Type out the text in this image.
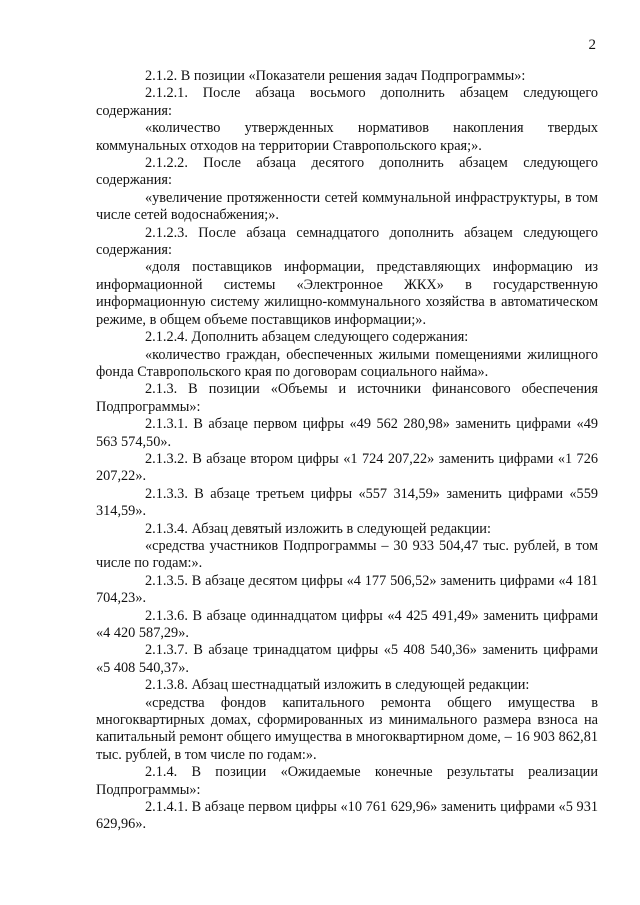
2

2.1.2. В позиции «Показатели решения задач Подпрограммы»:

2.1.2.1. После абзаца восьмого дополнить абзацем следующего содержания:

«количество утвержденных нормативов накопления твердых коммунальных отходов на территории Ставропольского края;».

2.1.2.2. После абзаца десятого дополнить абзацем следующего содержания:

«увеличение протяженности сетей коммунальной инфраструктуры, в том числе сетей водоснабжения;».

2.1.2.3. После абзаца семнадцатого дополнить абзацем следующего содержания:

«доля поставщиков информации, представляющих информацию из информационной системы «Электронное ЖКХ» в государственную информационную систему жилищно-коммунального хозяйства в автоматическом режиме, в общем объеме поставщиков информации;».

2.1.2.4. Дополнить абзацем следующего содержания:

«количество граждан, обеспеченных жилыми помещениями жилищного фонда Ставропольского края по договорам социального найма».

2.1.3. В позиции «Объемы и источники финансового обеспечения Подпрограммы»:

2.1.3.1. В абзаце первом цифры «49 562 280,98» заменить цифрами «49 563 574,50».

2.1.3.2. В абзаце втором цифры «1 724 207,22» заменить цифрами «1 726 207,22».

2.1.3.3. В абзаце третьем цифры «557 314,59» заменить цифрами «559 314,59».

2.1.3.4. Абзац девятый изложить в следующей редакции:

«средства участников Подпрограммы – 30 933 504,47 тыс. рублей, в том числе по годам:».

2.1.3.5. В абзаце десятом цифры «4 177 506,52» заменить цифрами «4 181 704,23».

2.1.3.6. В абзаце одиннадцатом цифры «4 425 491,49» заменить цифрами «4 420 587,29».

2.1.3.7. В абзаце тринадцатом цифры «5 408 540,36» заменить цифрами «5 408 540,37».

2.1.3.8. Абзац шестнадцатый изложить в следующей редакции:

«средства фондов капитального ремонта общего имущества в многоквартирных домах, сформированных из минимального размера взноса на капитальный ремонт общего имущества в многоквартирном доме, – 16 903 862,81 тыс. рублей, в том числе по годам:».

2.1.4. В позиции «Ожидаемые конечные результаты реализации Подпрограммы»:

2.1.4.1. В абзаце первом цифры «10 761 629,96» заменить цифрами «5 931 629,96».
